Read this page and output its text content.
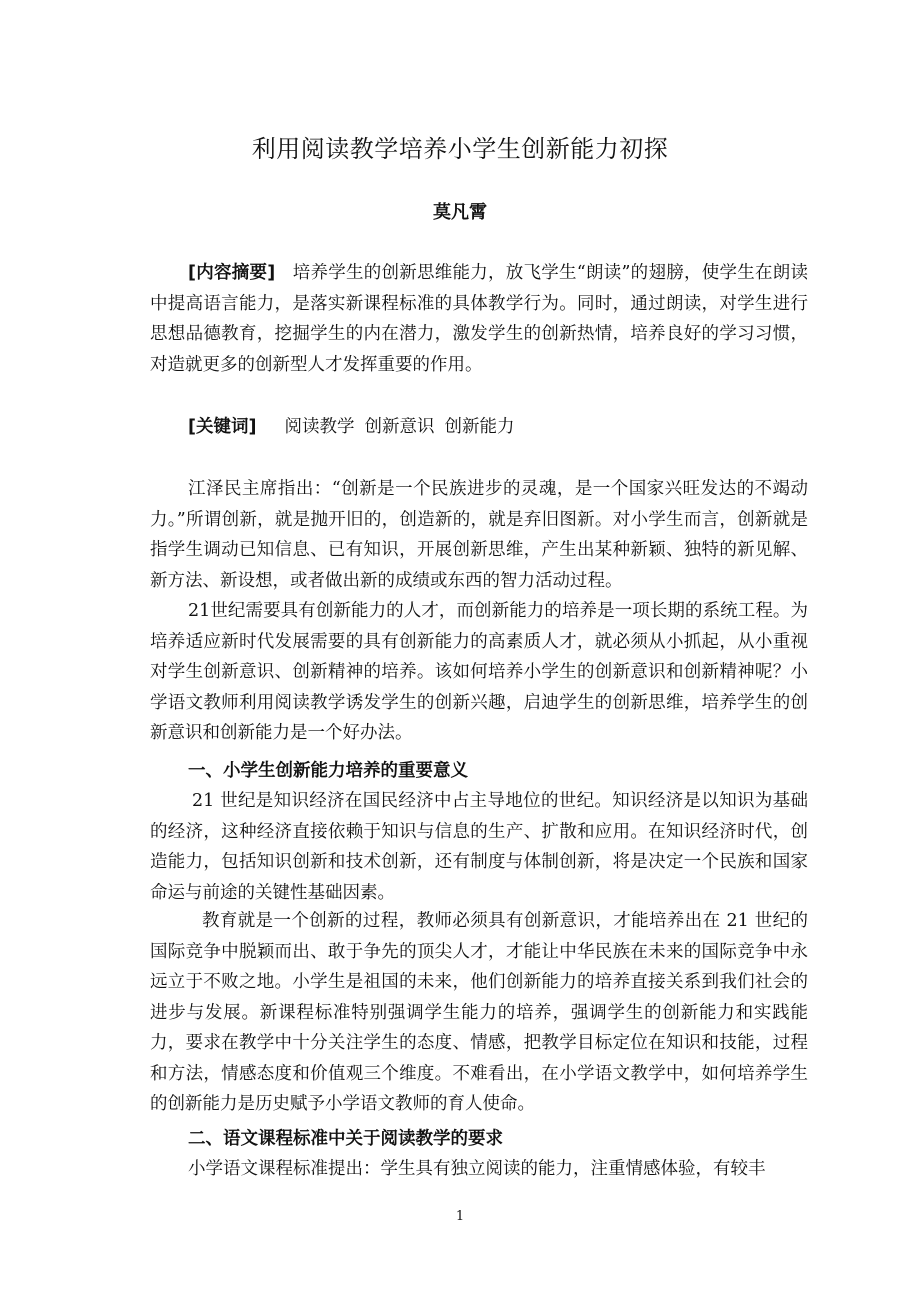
利用阅读教学培养小学生创新能力初探
莫凡霄

[内容摘要] 培养学生的创新思维能力，放飞学生“朗读”的翅膀，使学生在朗读中提高语言能力，是落实新课程标准的具体教学行为。同时，通过朗读，对学生进行思想品德教育，挖掘学生的内在潜力，激发学生的创新热情，培养良好的学习习惯，对造就更多的创新型人才发挥重要的作用。

[关键词] 阅读教学 创新意识 创新能力

江泽民主席指出：“创新是一个民族进步的灵魂，是一个国家兴旺发达的不竭动力。”所谓创新，就是抛开旧的，创造新的，就是弃旧图新。对小学生而言，创新就是指学生调动已知信息、已有知识，开展创新思维，产生出某种新颖、独特的新见解、新方法、新设想，或者做出新的成绩或东西的智力活动过程。

21世纪需要具有创新能力的人才，而创新能力的培养是一项长期的系统工程。为培养适应新时代发展需要的具有创新能力的高素质人才，就必须从小抓起，从小重视对学生创新意识、创新精神的培养。该如何培养小学生的创新意识和创新精神呢？小学语文教师利用阅读教学诱发学生的创新兴趣，启迪学生的创新思维，培养学生的创新意识和创新能力是一个好办法。

一、小学生创新能力培养的重要意义

21 世纪是知识经济在国民经济中占主导地位的世纪。知识经济是以知识为基础的经济，这种经济直接依赖于知识与信息的生产、扩散和应用。在知识经济时代，创造能力，包括知识创新和技术创新，还有制度与体制创新，将是决定一个民族和国家命运与前途的关键性基础因素。

教育就是一个创新的过程，教师必须具有创新意识，才能培养出在 21 世纪的国际竞争中脱颖而出、敢于争先的顶尖人才，才能让中华民族在未来的国际竞争中永远立于不败之地。小学生是祖国的未来，他们创新能力的培养直接关系到我们社会的进步与发展。新课程标准特别强调学生能力的培养，强调学生的创新能力和实践能力，要求在教学中十分关注学生的态度、情感，把教学目标定位在知识和技能，过程和方法，情感态度和价值观三个维度。不难看出，在小学语文教学中，如何培养学生的创新能力是历史赋予小学语文教师的育人使命。

二、语文课程标准中关于阅读教学的要求

小学语文课程标准提出：学生具有独立阅读的能力，注重情感体验，有较丰

1
